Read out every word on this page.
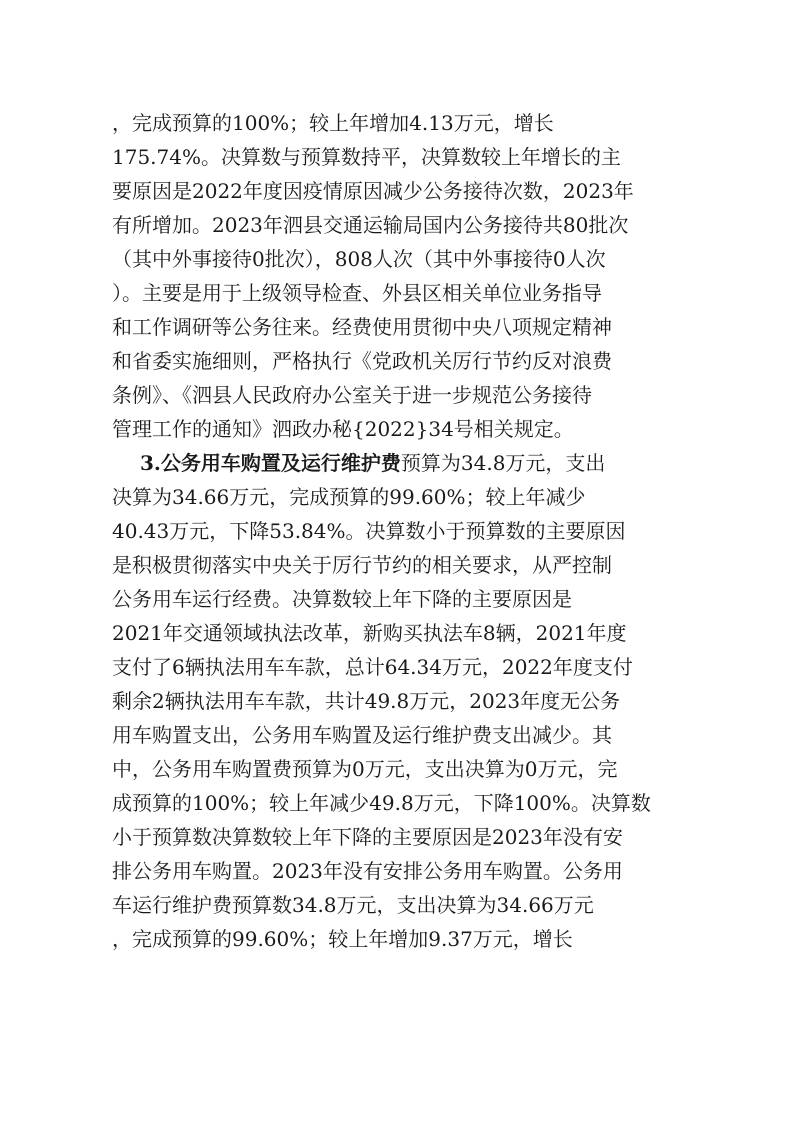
，完成预算的100%；较上年增加4.13万元，增长
175.74%。决算数与预算数持平，决算数较上年增长的主
要原因是2022年度因疫情原因减少公务接待次数，2023年
有所增加。2023年泗县交通运输局国内公务接待共80批次
（其中外事接待0批次），808人次（其中外事接待0人次
）。主要是用于上级领导检查、外县区相关单位业务指导
和工作调研等公务往来。经费使用贯彻中央八项规定精神
和省委实施细则，严格执行《党政机关厉行节约反对浪费
条例》、《泗县人民政府办公室关于进一步规范公务接待
管理工作的通知》泗政办秘{2022}34号相关规定。
3.公务用车购置及运行维护费预算为34.8万元，支出
决算为34.66万元，完成预算的99.60%；较上年减少
40.43万元，下降53.84%。决算数小于预算数的主要原因
是积极贯彻落实中央关于厉行节约的相关要求，从严控制
公务用车运行经费。决算数较上年下降的主要原因是
2021年交通领域执法改革，新购买执法车8辆，2021年度
支付了6辆执法用车车款，总计64.34万元，2022年度支付
剩余2辆执法用车车款，共计49.8万元，2023年度无公务
用车购置支出，公务用车购置及运行维护费支出减少。其
中，公务用车购置费预算为0万元，支出决算为0万元，完
成预算的100%；较上年减少49.8万元，下降100%。决算数
小于预算数决算数较上年下降的主要原因是2023年没有安
排公务用车购置。2023年没有安排公务用车购置。公务用
车运行维护费预算数34.8万元，支出决算为34.66万元
，完成预算的99.60%；较上年增加9.37万元，增长
